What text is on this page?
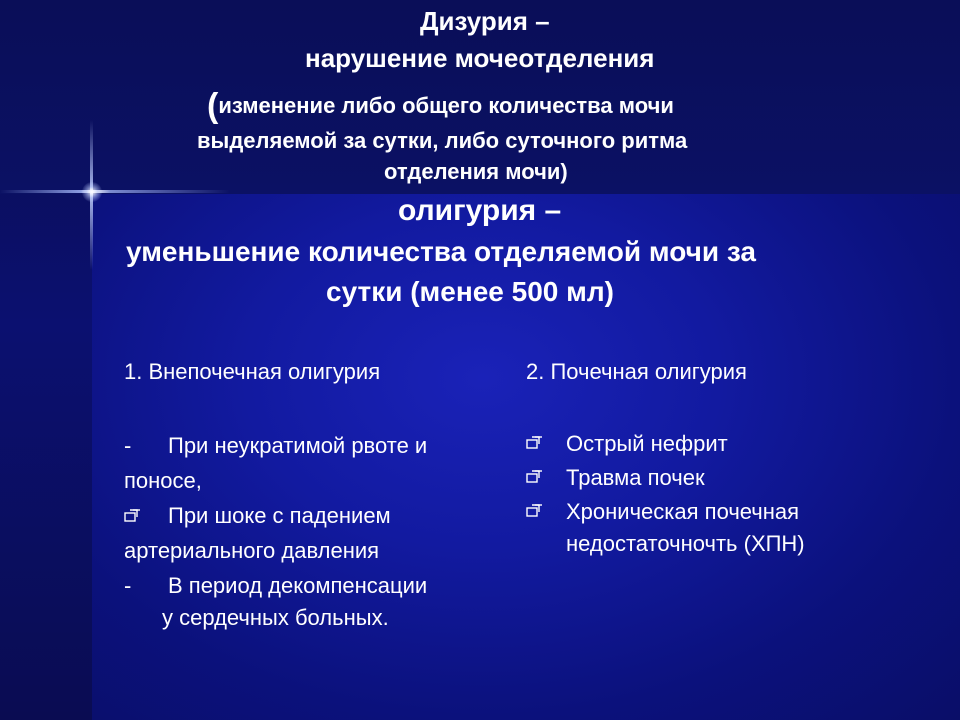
Дизурия –

нарушение мочеотделения

(изменение либо общего количества мочи

выделяемой за сутки, либо суточного ритма

отделения мочи)

олигурия –

уменьшение количества отделяемой мочи за

сутки (менее 500 мл)

1. Внепочечная олигурия

-	При неукратимой рвоте и
поносе,
При шоке с падением
артериального давления
-	В период декомпенсации
у сердечных больных.

2. Почечная олигурия

Острый нефрит
Травма почек
Хроническая почечная
недостаточночть (ХПН)
